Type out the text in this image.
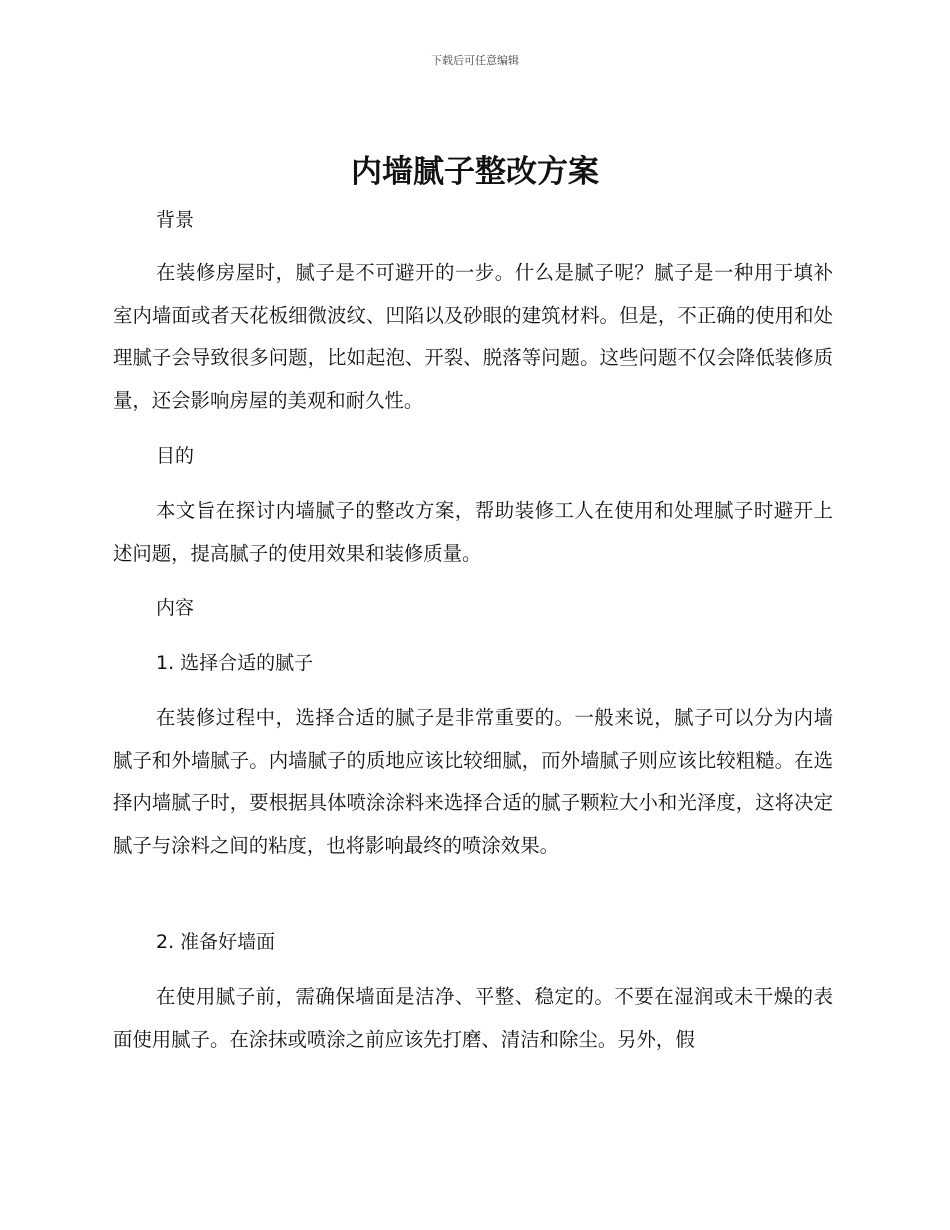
下载后可任意编辑
内墙腻子整改方案
背景

在装修房屋时，腻子是不可避开的一步。什么是腻子呢？腻子是一种用于填补室内墙面或者天花板细微波纹、凹陷以及砂眼的建筑材料。但是，不正确的使用和处理腻子会导致很多问题，比如起泡、开裂、脱落等问题。这些问题不仅会降低装修质量，还会影响房屋的美观和耐久性。

目的

本文旨在探讨内墙腻子的整改方案，帮助装修工人在使用和处理腻子时避开上述问题，提高腻子的使用效果和装修质量。

内容
1. 选择合适的腻子

在装修过程中，选择合适的腻子是非常重要的。一般来说，腻子可以分为内墙腻子和外墙腻子。内墙腻子的质地应该比较细腻，而外墙腻子则应该比较粗糙。在选择内墙腻子时，要根据具体喷涂涂料来选择合适的腻子颗粒大小和光泽度，这将决定腻子与涂料之间的粘度，也将影响最终的喷涂效果。

2. 准备好墙面

在使用腻子前，需确保墙面是洁净、平整、稳定的。不要在湿润或未干燥的表面使用腻子。在涂抹或喷涂之前应该先打磨、清洁和除尘。另外，假
